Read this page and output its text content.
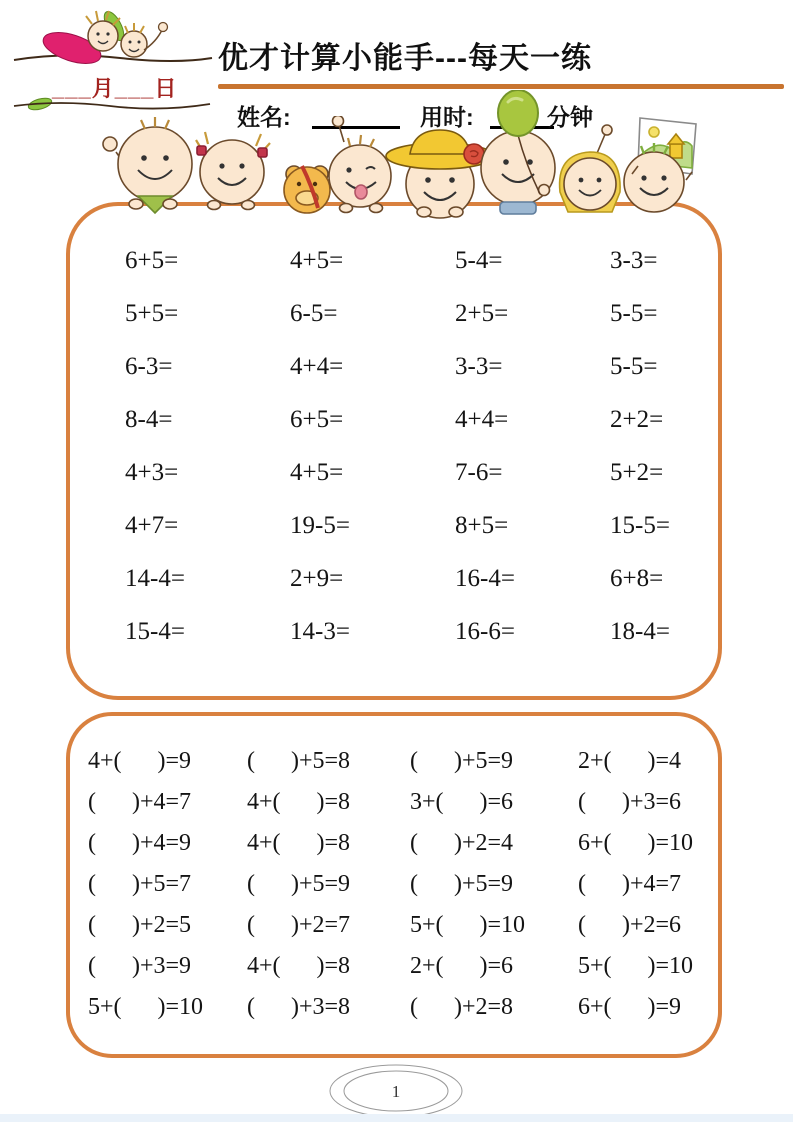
___月___日
优才计算小能手---每天一练
姓名:	用时:	分钟
6+5=	4+5=	5-4=	3-3=
5+5=	6-5=	2+5=	5-5=
6-3=	4+4=	3-3=	5-5=
8-4=	6+5=	4+4=	2+2=
4+3=	4+5=	7-6=	5+2=
4+7=	19-5=	8+5=	15-5=
14-4=	2+9=	16-4=	6+8=
15-4=	14-3=	16-6=	18-4=
4+(      )=9	(      )+5=8	(      )+5=9	2+(      )=4
(      )+4=7	4+(      )=8	3+(      )=6	(      )+3=6
(      )+4=9	4+(      )=8	(      )+2=4	6+(      )=10
(      )+5=7	(      )+5=9	(      )+5=9	(      )+4=7
(      )+2=5	(      )+2=7	5+(      )=10	(      )+2=6
(      )+3=9	4+(      )=8	2+(      )=6	5+(      )=10
5+(      )=10	(      )+3=8	(      )+2=8	6+(      )=9
1
